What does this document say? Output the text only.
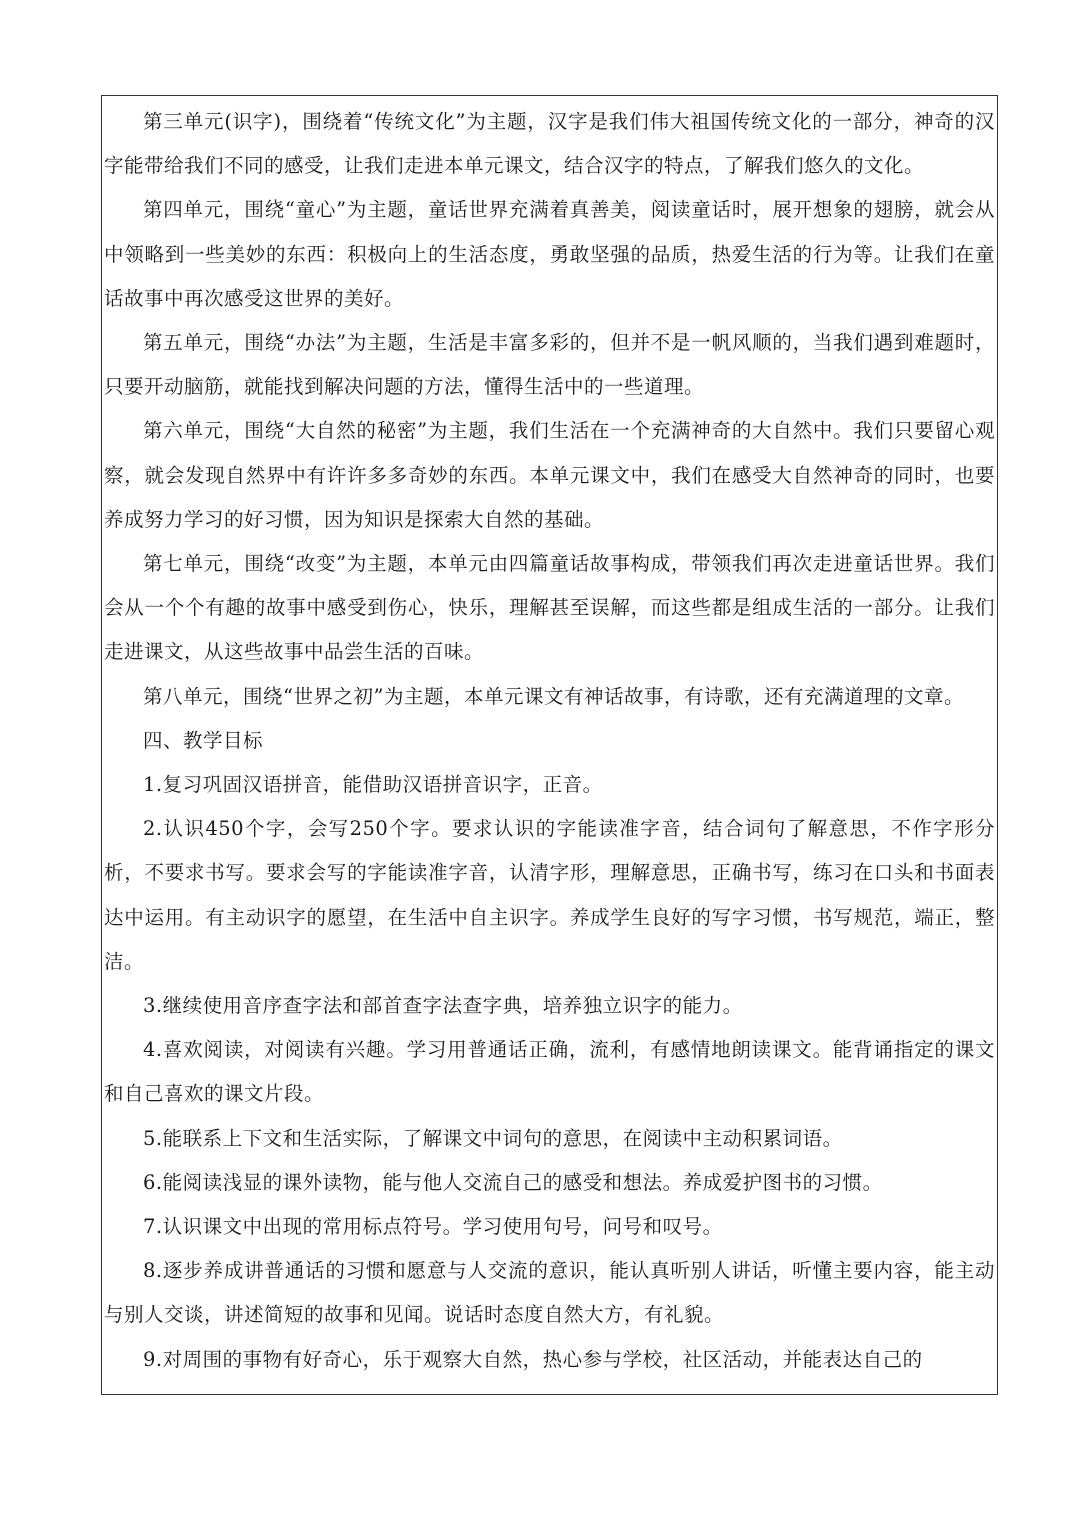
第三单元(识字)，围绕着“传统文化”为主题，汉字是我们伟大祖国传统文化的一部分，神奇的汉字能带给我们不同的感受，让我们走进本单元课文，结合汉字的特点，了解我们悠久的文化。

第四单元，围绕“童心”为主题，童话世界充满着真善美，阅读童话时，展开想象的翅膀，就会从中领略到一些美妙的东西：积极向上的生活态度，勇敢坚强的品质，热爱生活的行为等。让我们在童话故事中再次感受这世界的美好。

第五单元，围绕“办法”为主题，生活是丰富多彩的，但并不是一帆风顺的，当我们遇到难题时，只要开动脑筋，就能找到解决问题的方法，懂得生活中的一些道理。

第六单元，围绕“大自然的秘密”为主题，我们生活在一个充满神奇的大自然中。我们只要留心观察，就会发现自然界中有许许多多奇妙的东西。本单元课文中，我们在感受大自然神奇的同时，也要养成努力学习的好习惯，因为知识是探索大自然的基础。

第七单元，围绕“改变”为主题，本单元由四篇童话故事构成，带领我们再次走进童话世界。我们会从一个个有趣的故事中感受到伤心，快乐，理解甚至误解，而这些都是组成生活的一部分。让我们走进课文，从这些故事中品尝生活的百味。

第八单元，围绕“世界之初”为主题，本单元课文有神话故事，有诗歌，还有充满道理的文章。

四、教学目标

1.复习巩固汉语拼音，能借助汉语拼音识字，正音。

2.认识450个字，会写250个字。要求认识的字能读准字音，结合词句了解意思，不作字形分析，不要求书写。要求会写的字能读准字音，认清字形，理解意思，正确书写，练习在口头和书面表达中运用。有主动识字的愿望，在生活中自主识字。养成学生良好的写字习惯，书写规范，端正，整洁。

3.继续使用音序查字法和部首查字法查字典，培养独立识字的能力。

4.喜欢阅读，对阅读有兴趣。学习用普通话正确，流利，有感情地朗读课文。能背诵指定的课文和自己喜欢的课文片段。

5.能联系上下文和生活实际，了解课文中词句的意思，在阅读中主动积累词语。

6.能阅读浅显的课外读物，能与他人交流自己的感受和想法。养成爱护图书的习惯。

7.认识课文中出现的常用标点符号。学习使用句号，问号和叹号。

8.逐步养成讲普通话的习惯和愿意与人交流的意识，能认真听别人讲话，听懂主要内容，能主动与别人交谈，讲述简短的故事和见闻。说话时态度自然大方，有礼貌。

9.对周围的事物有好奇心，乐于观察大自然，热心参与学校，社区活动，并能表达自己的
